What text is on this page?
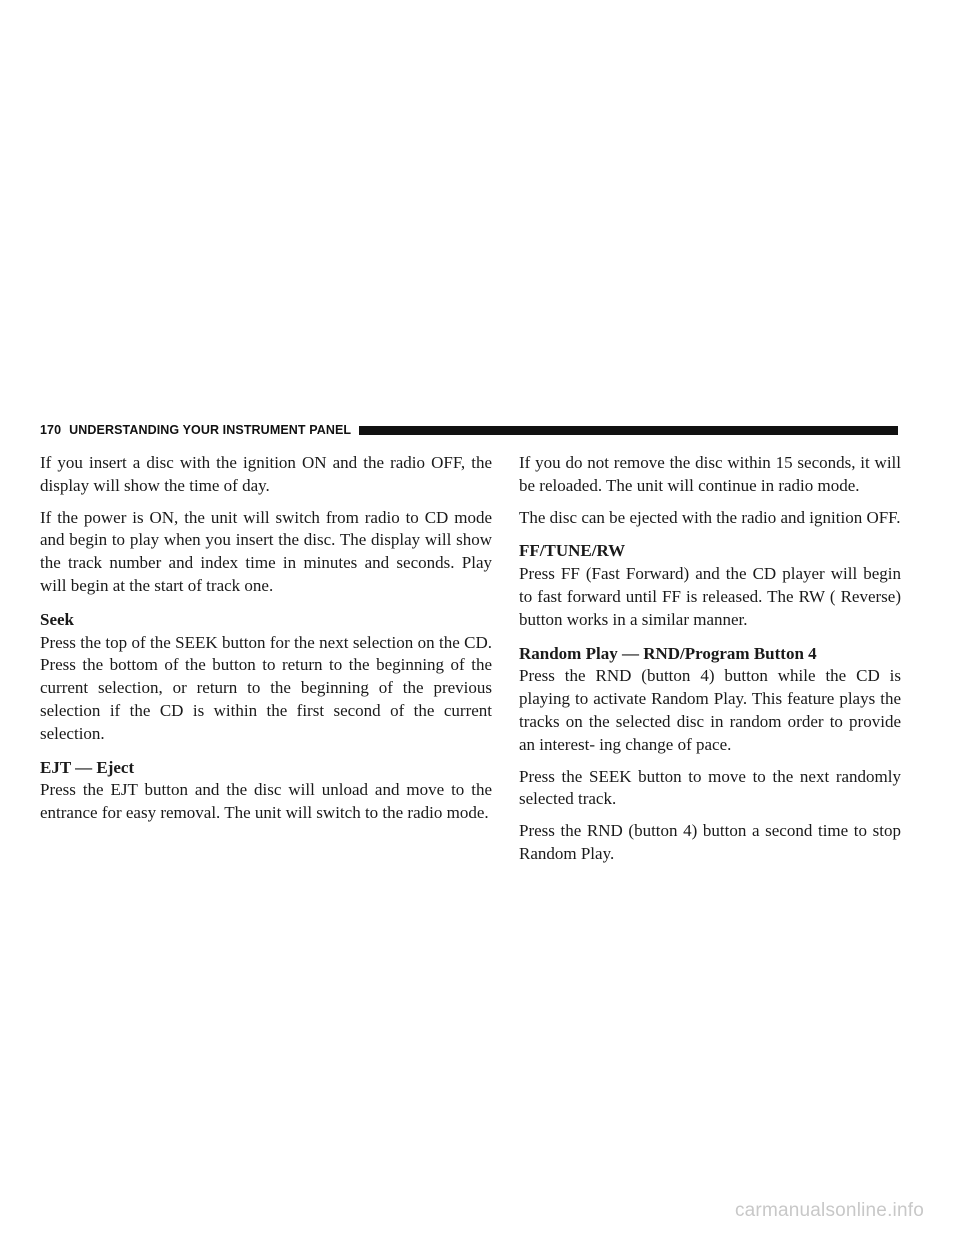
170 UNDERSTANDING YOUR INSTRUMENT PANEL

If you insert a disc with the ignition ON and the radio OFF, the display will show the time of day.

If the power is ON, the unit will switch from radio to CD mode and begin to play when you insert the disc. The display will show the track number and index time in minutes and seconds. Play will begin at the start of track one.

Seek

Press the top of the SEEK button for the next selection on the CD. Press the bottom of the button to return to the beginning of the current selection, or return to the beginning of the previous selection if the CD is within the first second of the current selection.

EJT — Eject

Press the EJT button and the disc will unload and move to the entrance for easy removal. The unit will switch to the radio mode.

If you do not remove the disc within 15 seconds, it will be reloaded. The unit will continue in radio mode.

The disc can be ejected with the radio and ignition OFF.

FF/TUNE/RW

Press FF (Fast Forward) and the CD player will begin to fast forward until FF is released. The RW ( Reverse) button works in a similar manner.

Random Play — RND/Program Button 4

Press the RND (button 4) button while the CD is playing to activate Random Play. This feature plays the tracks on the selected disc in random order to provide an interest- ing change of pace.

Press the SEEK button to move to the next randomly selected track.

Press the RND (button 4) button a second time to stop Random Play.

carmanualsonline.info
